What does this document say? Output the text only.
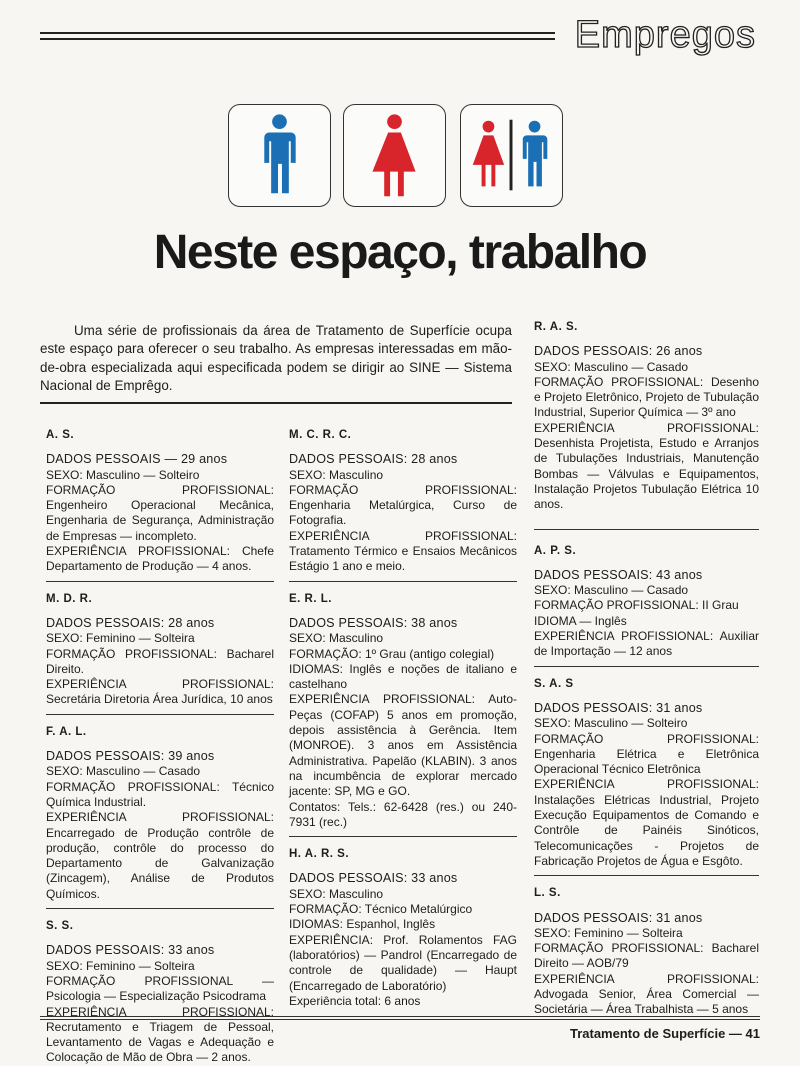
Empregos
Neste espaço, trabalho

Uma série de profissionais da área de Tratamento de Superfície ocupa este espaço para oferecer o seu trabalho. As empresas interessadas em mão-de-obra especializada aqui especificada podem se dirigir ao SINE — Sistema Nacional de Emprêgo.

A. S.

DADOS PESSOAIS — 29 anos

SEXO: Masculino — Solteiro

FORMAÇÃO PROFISSIONAL: Engenheiro Operacional Mecânica, Engenharia de Segurança, Administração de Empresas — incompleto.

EXPERIÊNCIA PROFISSIONAL: Chefe Departamento de Produção — 4 anos.

M. D. R.

DADOS PESSOAIS: 28 anos

SEXO: Feminino — Solteira

FORMAÇÃO PROFISSIONAL: Bacharel Direito.

EXPERIÊNCIA PROFISSIONAL: Secretária Diretoria Área Jurídica, 10 anos

F. A. L.

DADOS PESSOAIS: 39 anos

SEXO: Masculino — Casado

FORMAÇÃO PROFISSIONAL: Técnico Química Industrial.

EXPERIÊNCIA PROFISSIONAL: Encarregado de Produção contrôle de produção, contrôle do processo do Departamento de Galvanização (Zincagem), Análise de Produtos Químicos.

S. S.

DADOS PESSOAIS: 33 anos

SEXO: Feminino — Solteira

FORMAÇÃO PROFISSIONAL — Psicologia — Especialização Psicodrama

EXPERIÊNCIA PROFISSIONAL: Recrutamento e Triagem de Pessoal, Levantamento de Vagas e Adequação e Colocação de Mão de Obra — 2 anos.

M. C. R. C.

DADOS PESSOAIS: 28 anos

SEXO: Masculino

FORMAÇÃO PROFISSIONAL: Engenharia Metalúrgica, Curso de Fotografia.

EXPERIÊNCIA PROFISSIONAL: Tratamento Térmico e Ensaios Mecânicos Estágio 1 ano e meio.

E. R. L.

DADOS PESSOAIS: 38 anos

SEXO: Masculino

FORMAÇÃO: 1º Grau (antigo colegial)

IDIOMAS: Inglês e noções de italiano e castelhano

EXPERIÊNCIA PROFISSIONAL: Auto-Peças (COFAP) 5 anos em promoção, depois assistência à Gerência. Item (MONROE). 3 anos em Assistência Administrativa. Papelão (KLABIN). 3 anos na incumbência de explorar mercado jacente: SP, MG e GO.

Contatos: Tels.: 62-6428 (res.) ou 240-7931 (rec.)

H. A. R. S.

DADOS PESSOAIS: 33 anos

SEXO: Masculino

FORMAÇÃO: Técnico Metalúrgico

IDIOMAS: Espanhol, Inglês

EXPERIÊNCIA: Prof. Rolamentos FAG (laboratórios) — Pandrol (Encarregado de controle de qualidade) — Haupt (Encarregado de Laboratório)

Experiência total: 6 anos

R. A. S.

DADOS PESSOAIS: 26 anos

SEXO: Masculino — Casado

FORMAÇÃO PROFISSIONAL: Desenho e Projeto Eletrônico, Projeto de Tubulação Industrial, Superior Química — 3º ano

EXPERIÊNCIA PROFISSIONAL: Desenhista Projetista, Estudo e Arranjos de Tubulações Industriais, Manutenção Bombas — Válvulas e Equipamentos, Instalação Projetos Tubulação Elétrica 10 anos.

A. P. S.

DADOS PESSOAIS: 43 anos

SEXO: Masculino — Casado

FORMAÇÃO PROFISSIONAL: II Grau

IDIOMA — Inglês

EXPERIÊNCIA PROFISSIONAL: Auxiliar de Importação — 12 anos

S. A. S

DADOS PESSOAIS: 31 anos

SEXO: Masculino — Solteiro

FORMAÇÃO PROFISSIONAL: Engenharia Elétrica e Eletrônica Operacional Técnico Eletrônica

EXPERIÊNCIA PROFISSIONAL: Instalações Elétricas Industrial, Projeto Execução Equipamentos de Comando e Contrôle de Painéis Sinóticos, Telecomunicações - Projetos de Fabricação Projetos de Água e Esgôto.

L. S.

DADOS PESSOAIS: 31 anos

SEXO: Feminino — Solteira

FORMAÇÃO PROFISSIONAL: Bacharel Direito — AOB/79

EXPERIÊNCIA PROFISSIONAL: Advogada Senior, Área Comercial — Societária — Área Trabalhista — 5 anos

Tratamento de Superfície — 41
